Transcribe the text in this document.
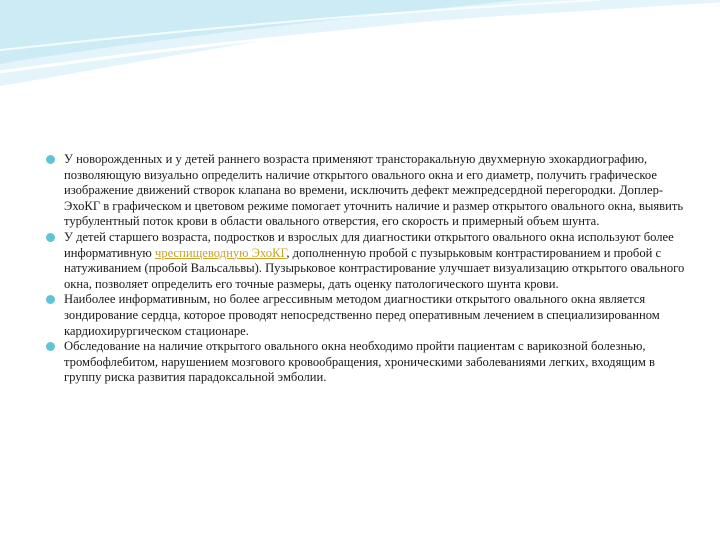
У новорожденных и у детей раннего возраста применяют трансторакальную двухмерную эхокардиографию, позволяющую визуально определить наличие открытого овального окна и его диаметр, получить графическое изображение движений створок клапана во времени, исключить дефект межпредсердной перегородки. Доплер-ЭхоКГ в графическом и цветовом режиме помогает уточнить наличие и размер открытого овального окна, выявить турбулентный поток крови в области овального отверстия, его скорость и примерный объем шунта.
У детей старшего возраста, подростков и взрослых для диагностики открытого овального окна используют более информативную чреспищеводную ЭхоКГ, дополненную пробой с пузырьковым контрастированием и пробой с натуживанием (пробой Вальсальвы). Пузырьковое контрастирование улучшает визуализацию открытого овального окна, позволяет определить его точные размеры, дать оценку патологического шунта крови.
Наиболее информативным, но более агрессивным методом диагностики открытого овального окна является зондирование сердца, которое проводят непосредственно перед оперативным лечением в специализированном кардиохирургическом стационаре.
Обследование на наличие открытого овального окна необходимо пройти пациентам с варикозной болезнью, тромбофлебитом, нарушением мозгового кровообращения, хроническими заболеваниями легких, входящим в группу риска развития парадоксальной эмболии.
